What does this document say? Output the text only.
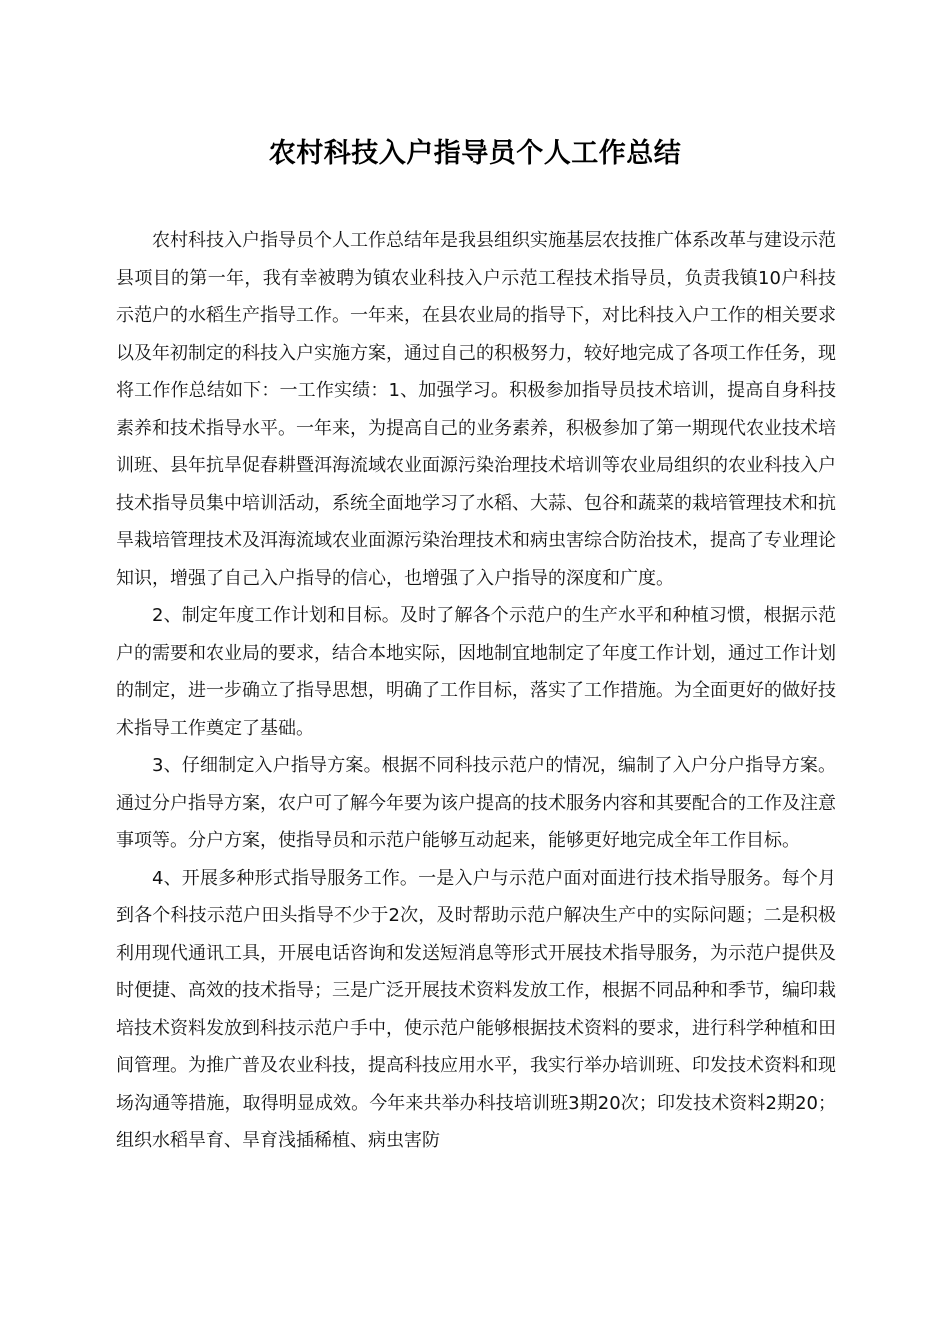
农村科技入户指导员个人工作总结

农村科技入户指导员个人工作总结年是我县组织实施基层农技推广体系改革与建设示范县项目的第一年，我有幸被聘为镇农业科技入户示范工程技术指导员，负责我镇10户科技示范户的水稻生产指导工作。一年来，在县农业局的指导下，对比科技入户工作的相关要求以及年初制定的科技入户实施方案，通过自己的积极努力，较好地完成了各项工作任务，现将工作作总结如下：一工作实绩：1、加强学习。积极参加指导员技术培训，提高自身科技素养和技术指导水平。一年来，为提高自己的业务素养，积极参加了第一期现代农业技术培训班、县年抗旱促春耕暨洱海流域农业面源污染治理技术培训等农业局组织的农业科技入户技术指导员集中培训活动，系统全面地学习了水稻、大蒜、包谷和蔬菜的栽培管理技术和抗旱栽培管理技术及洱海流域农业面源污染治理技术和病虫害综合防治技术，提高了专业理论知识，增强了自己入户指导的信心，也增强了入户指导的深度和广度。

2、制定年度工作计划和目标。及时了解各个示范户的生产水平和种植习惯，根据示范户的需要和农业局的要求，结合本地实际，因地制宜地制定了年度工作计划，通过工作计划的制定，进一步确立了指导思想，明确了工作目标，落实了工作措施。为全面更好的做好技术指导工作奠定了基础。

3、仔细制定入户指导方案。根据不同科技示范户的情况，编制了入户分户指导方案。通过分户指导方案，农户可了解今年要为该户提高的技术服务内容和其要配合的工作及注意事项等。分户方案，使指导员和示范户能够互动起来，能够更好地完成全年工作目标。

4、开展多种形式指导服务工作。一是入户与示范户面对面进行技术指导服务。每个月到各个科技示范户田头指导不少于2次，及时帮助示范户解决生产中的实际问题；二是积极利用现代通讯工具，开展电话咨询和发送短消息等形式开展技术指导服务，为示范户提供及时便捷、高效的技术指导；三是广泛开展技术资料发放工作，根据不同品种和季节，编印栽培技术资料发放到科技示范户手中，使示范户能够根据技术资料的要求，进行科学种植和田间管理。为推广普及农业科技，提高科技应用水平，我实行举办培训班、印发技术资料和现场沟通等措施，取得明显成效。今年来共举办科技培训班3期20次；印发技术资料2期20；组织水稻旱育、旱育浅插稀植、病虫害防
